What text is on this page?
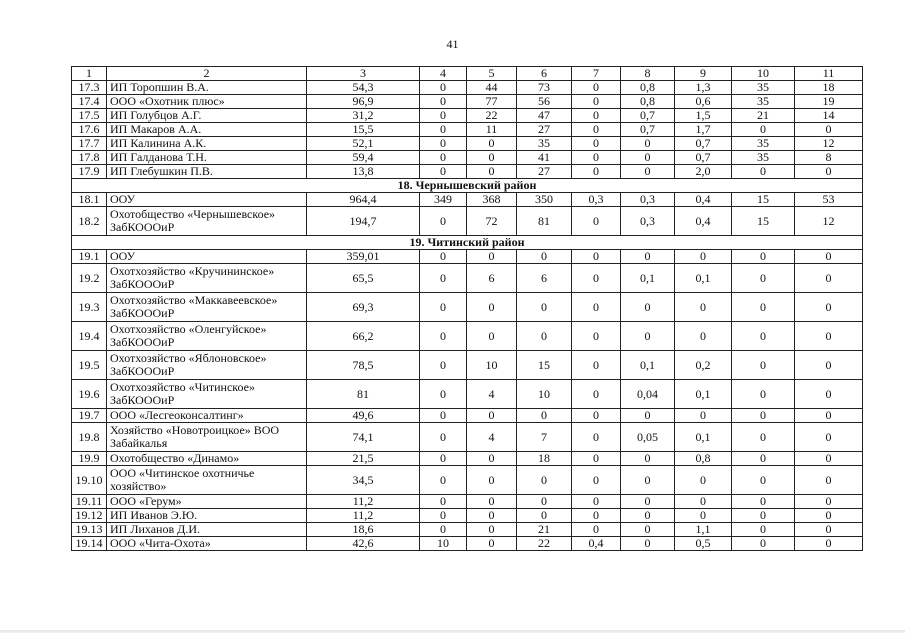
41
1	2	3	4	5	6	7	8	9	10	11
17.3	ИП Торопшин В.А.	54,3	0	44	73	0	0,8	1,3	35	18
17.4	ООО «Охотник плюс»	96,9	0	77	56	0	0,8	0,6	35	19
17.5	ИП Голубцов А.Г.	31,2	0	22	47	0	0,7	1,5	21	14
17.6	ИП Макаров А.А.	15,5	0	11	27	0	0,7	1,7	0	0
17.7	ИП Калинина А.К.	52,1	0	0	35	0	0	0,7	35	12
17.8	ИП Галданова Т.Н.	59,4	0	0	41	0	0	0,7	35	8
17.9	ИП Глебушкин П.В.	13,8	0	0	27	0	0	2,0	0	0
18. Чернышевский район										
18.1	ООУ	964,4	349	368	350	0,3	0,3	0,4	15	53
18.2	Охотобщество «Чернышевское» ЗабКОООиР	194,7	0	72	81	0	0,3	0,4	15	12
19. Читинский район										
19.1	ООУ	359,01	0	0	0	0	0	0	0	0
19.2	Охотхозяйство «Кручининское» ЗабКОООиР	65,5	0	6	6	0	0,1	0,1	0	0
19.3	Охотхозяйство «Маккавеевское» ЗабКОООиР	69,3	0	0	0	0	0	0	0	0
19.4	Охотхозяйство «Оленгуйское» ЗабКОООиР	66,2	0	0	0	0	0	0	0	0
19.5	Охотхозяйство «Яблоновское» ЗабКОООиР	78,5	0	10	15	0	0,1	0,2	0	0
19.6	Охотхозяйство «Читинское» ЗабКОООиР	81	0	4	10	0	0,04	0,1	0	0
19.7	ООО «Лесгеоконсалтинг»	49,6	0	0	0	0	0	0	0	0
19.8	Хозяйство «Новотроицкое» ВОО Забайкалья	74,1	0	4	7	0	0,05	0,1	0	0
19.9	Охотобщество «Динамо»	21,5	0	0	18	0	0	0,8	0	0
19.10	ООО «Читинское охотничье хозяйство»	34,5	0	0	0	0	0	0	0	0
19.11	ООО «Герум»	11,2	0	0	0	0	0	0	0	0
19.12	ИП Иванов Э.Ю.	11,2	0	0	0	0	0	0	0	0
19.13	ИП Лиханов Д.И.	18,6	0	0	21	0	0	1,1	0	0
19.14	ООО «Чита-Охота»	42,6	10	0	22	0,4	0	0,5	0	0
